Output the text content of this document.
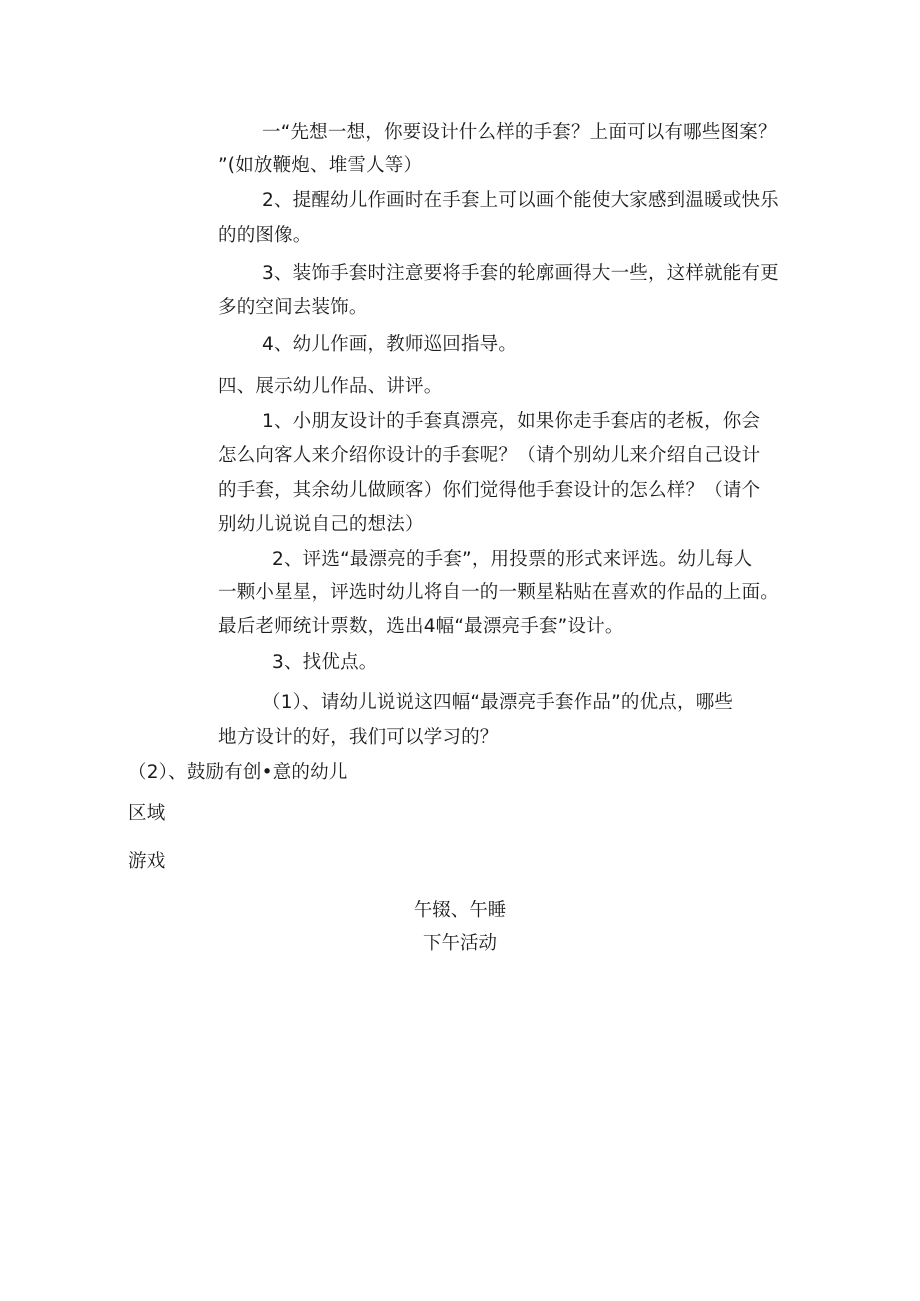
一“先想一想，你要设计什么样的手套？上面可以有哪些图案？
”(如放鞭炮、堆雪人等）
2、提醒幼儿作画时在手套上可以画个能使大家感到温暖或快乐
的的图像。
3、装饰手套时注意要将手套的轮廓画得大一些，这样就能有更
多的空间去装饰。
4、幼儿作画，教师巡回指导。
四、展示幼儿作品、讲评。
1、小朋友设计的手套真漂亮，如果你走手套店的老板，你会
怎么向客人来介绍你设计的手套呢？（请个别幼儿来介绍自己设计
的手套，其余幼儿做顾客）你们觉得他手套设计的怎么样？（请个
别幼儿说说自己的想法）
2、评选“最漂亮的手套”，用投票的形式来评选。幼儿每人
一颗小星星，评选时幼儿将自一的一颗星粘贴在喜欢的作品的上面。
最后老师统计票数，选出4幅“最漂亮手套”设计。
3、找优点。
（1）、请幼儿说说这四幅“最漂亮手套作品”的优点，哪些
地方设计的好，我们可以学习的？
（2）、鼓励有创•意的幼儿
区域
游戏
午辍、午睡
下午活动
